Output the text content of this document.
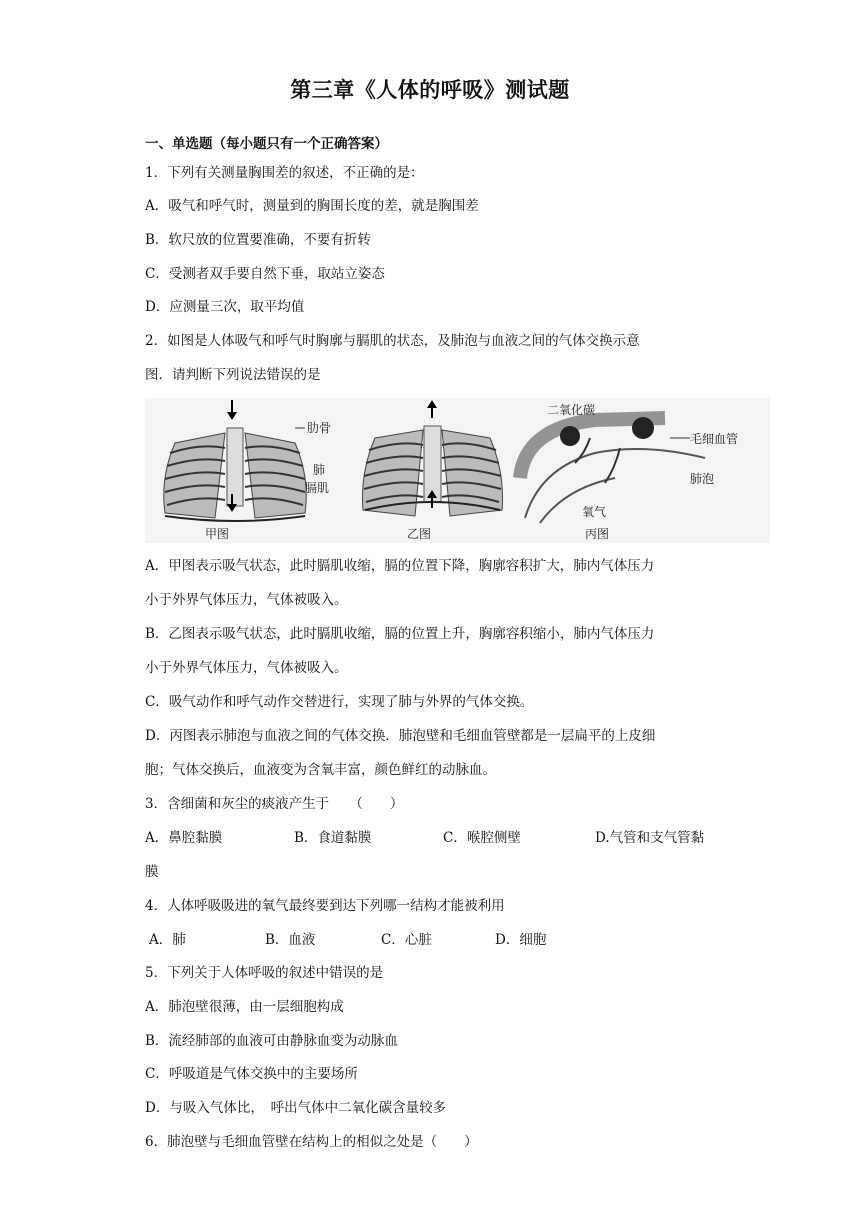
第三章《人体的呼吸》测试题
一、单选题（每小题只有一个正确答案）
1．下列有关测量胸围差的叙述，不正确的是：
A．吸气和呼气时，测量到的胸围长度的差，就是胸围差
B．软尺放的位置要准确，不要有折转
C．受测者双手要自然下垂，取站立姿态
D．应测量三次，取平均值
2．如图是人体吸气和呼气时胸廓与膈肌的状态，及肺泡与血液之间的气体交换示意
图．请判断下列说法错误的是
肋骨
肺
膈肌
二氧化碳
毛细血管
肺泡
氧气
甲图	乙图	丙图
A．甲图表示吸气状态，此时膈肌收缩，膈的位置下降，胸廓容积扩大，肺内气体压力
小于外界气体压力，气体被吸入。
B．乙图表示吸气状态，此时膈肌收缩，膈的位置上升，胸廓容积缩小，肺内气体压力
小于外界气体压力，气体被吸入。
C．吸气动作和呼气动作交替进行，实现了肺与外界的气体交换。
D．丙图表示肺泡与血液之间的气体交换．肺泡壁和毛细血管壁都是一层扁平的上皮细
胞；气体交换后，血液变为含氧丰富，颜色鲜红的动脉血。
3．含细菌和灰尘的痰液产生于　　（　　）
A．鼻腔黏膜	B．食道黏膜	C．喉腔侧壁	D.气管和支气管黏
膜
4．人体呼吸吸进的氧气最终要到达下列哪一结构才能被利用
A．肺	B．血液	C．心脏	D．细胞
5．下列关于人体呼吸的叙述中错误的是
A．肺泡壁很薄，由一层细胞构成
B．流经肺部的血液可由静脉血变为动脉血
C．呼吸道是气体交换中的主要场所
D．与吸入气体比，　呼出气体中二氧化碳含量较多
6．肺泡壁与毛细血管壁在结构上的相似之处是（　　）
